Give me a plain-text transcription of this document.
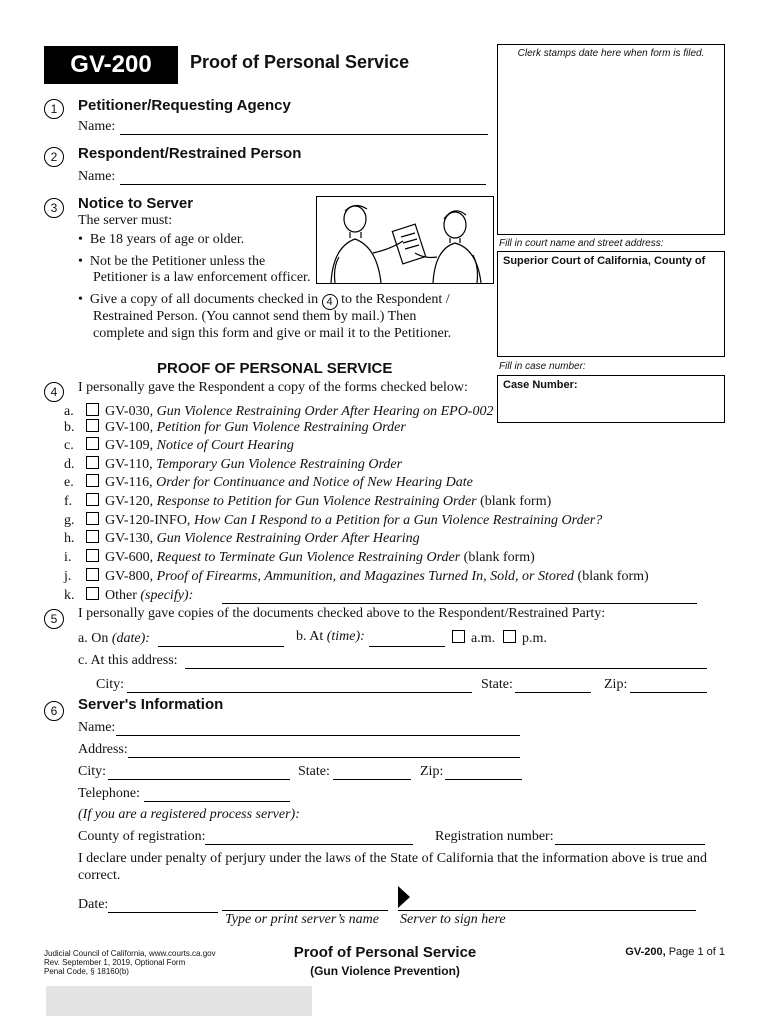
GV-200	Proof of Personal Service	Clerk stamps date here when form is filed.
Fill in court name and street address:
Superior Court of California, County of
Fill in case number:
Case Number:
1	Petitioner/Requesting Agency
Name:
2	Respondent/Restrained Person
Name:
3	Notice to Server
The server must:
•  Be 18 years of age or older.
•  Not be the Petitioner unless the
Petitioner is a law enforcement officer.
•  Give a copy of all documents checked in 4 to the Respondent /
Restrained Person. (You cannot send them by mail.) Then
complete and sign this form and give or mail it to the Petitioner.
PROOF OF PERSONAL SERVICE
4	I personally gave the Respondent a copy of the forms checked below:
a. GV-030, Gun Violence Restraining Order After Hearing on EPO-002
b. GV-100, Petition for Gun Violence Restraining Order
c. GV-109, Notice of Court Hearing
d. GV-110, Temporary Gun Violence Restraining Order
e. GV-116, Order for Continuance and Notice of New Hearing Date
f. GV-120, Response to Petition for Gun Violence Restraining Order (blank form)
g. GV-120-INFO, How Can I Respond to a Petition for a Gun Violence Restraining Order?
h. GV-130, Gun Violence Restraining Order After Hearing
i. GV-600, Request to Terminate Gun Violence Restraining Order (blank form)
j. GV-800, Proof of Firearms, Ammunition, and Magazines Turned In, Sold, or Stored (blank form)
k. Other (specify):
5	I personally gave copies of the documents checked above to the Respondent/Restrained Party:
a. On (date):	b. At (time):	a.m.	p.m.
c. At this address:
City:	State:	Zip:
6	Server's Information
Name:
Address:
City:	State:	Zip:
Telephone:
(If you are a registered process server):
County of registration:	Registration number:
I declare under penalty of perjury under the laws of the State of California that the information above is true and
correct.
Date:
Type or print server’s name Server to sign here
Judicial Council of California, www.courts.ca.gov
Rev. September 1, 2019, Optional Form
Penal Code, § 18160(b)
Proof of Personal Service
(Gun Violence Prevention)
GV-200, Page 1 of 1
